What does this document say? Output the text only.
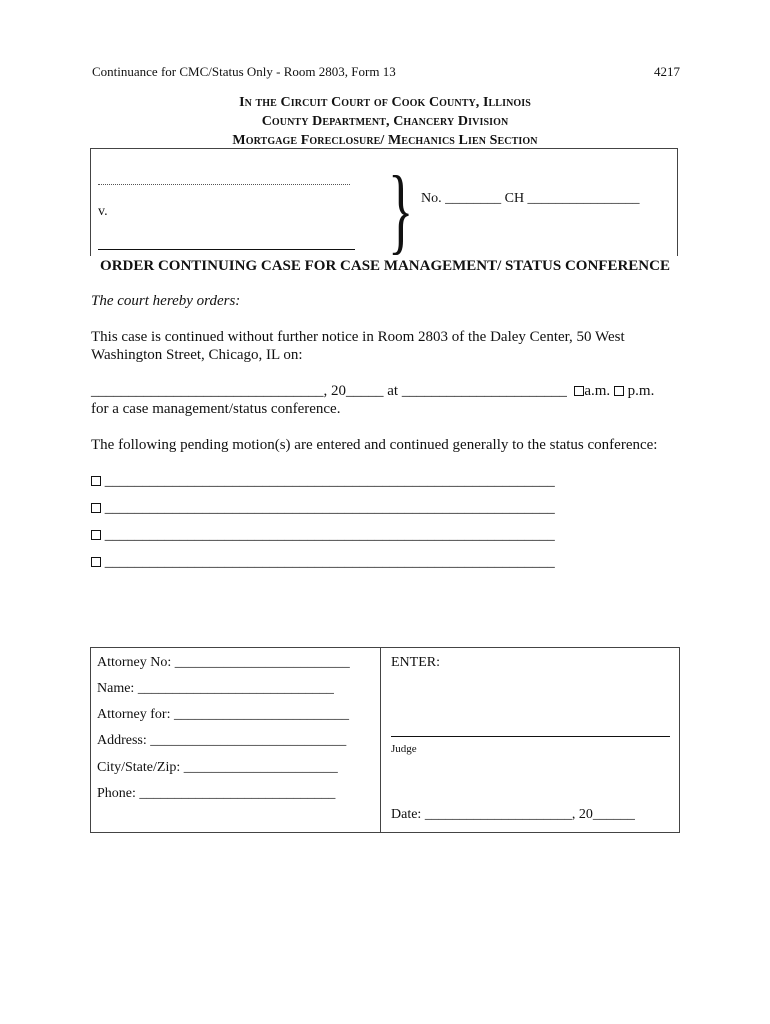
Continuance for CMC/Status Only - Room 2803, Form 13	4217
In the Circuit Court of Cook County, Illinois
County Department, Chancery Division
Mortgage Foreclosure/ Mechanics Lien Section
v.	} No. ________ CH ________________
ORDER CONTINUING CASE FOR CASE MANAGEMENT/ STATUS CONFERENCE
The court hereby orders:
This case is continued without further notice in Room 2803 of the Daley Center, 50 West
Washington Street, Chicago, IL on:
_______________________________, 20_____ at ______________________ a.m. p.m.
for a case management/status conference.
The following pending motion(s) are entered and continued generally to the status conference:
____________________________________________________________
____________________________________________________________
____________________________________________________________
____________________________________________________________
Attorney No: _________________________
Name: ____________________________
Attorney for: _________________________
Address: ____________________________
City/State/Zip: ______________________
Phone: ____________________________
ENTER:
Judge
Date: _____________________, 20______
